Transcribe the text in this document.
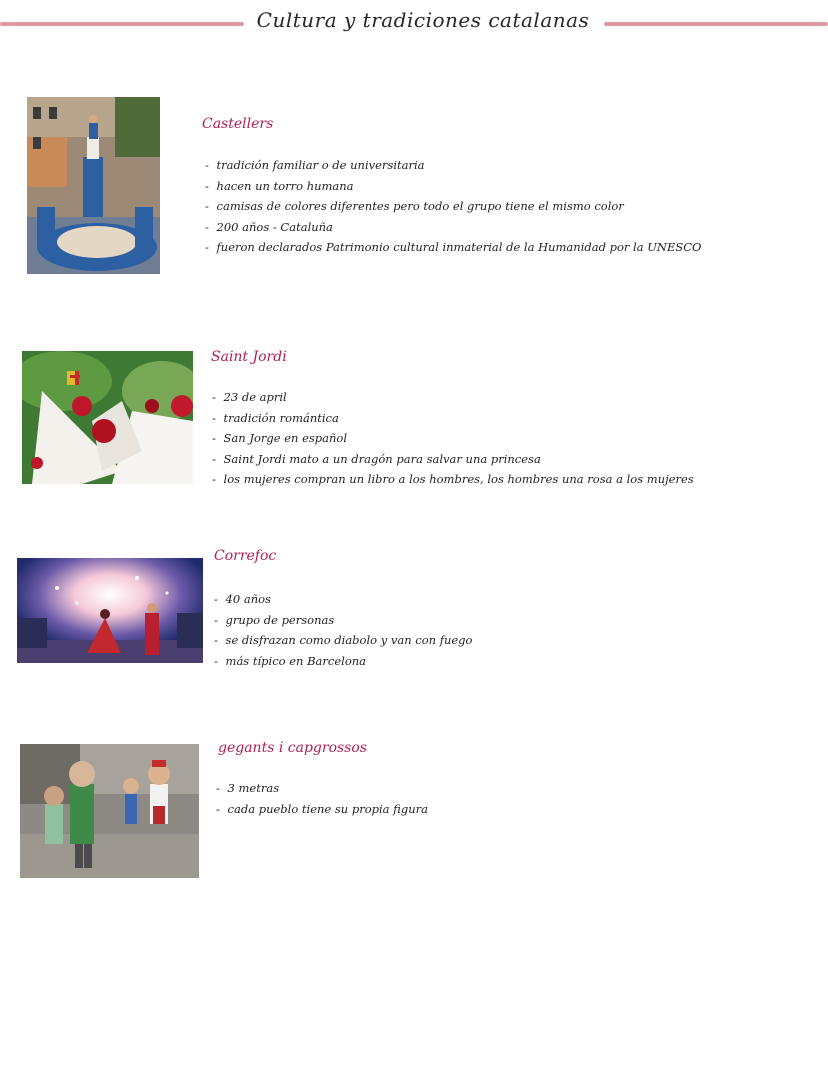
Cultura y tradiciones catalanas
Castellers
- tradición familiar o de universitaria
- hacen un torro humana
- camisas de colores diferentes pero todo el grupo tiene el mismo color
- 200 años - Cataluña
- fueron declarados Patrimonio cultural inmaterial de la Humanidad por la UNESCO
Saint Jordi
- 23 de april
- tradición romántica
- San Jorge en español
- Saint Jordi mato a un dragón para salvar una princesa
- los mujeres compran un libro a los hombres, los hombres una rosa a los mujeres
Correfoc
- 40 años
- grupo de personas
- se disfrazan como diabolo y van con fuego
- más típico en Barcelona
gegants i capgrossos
- 3 metras
- cada pueblo tiene su propia figura
